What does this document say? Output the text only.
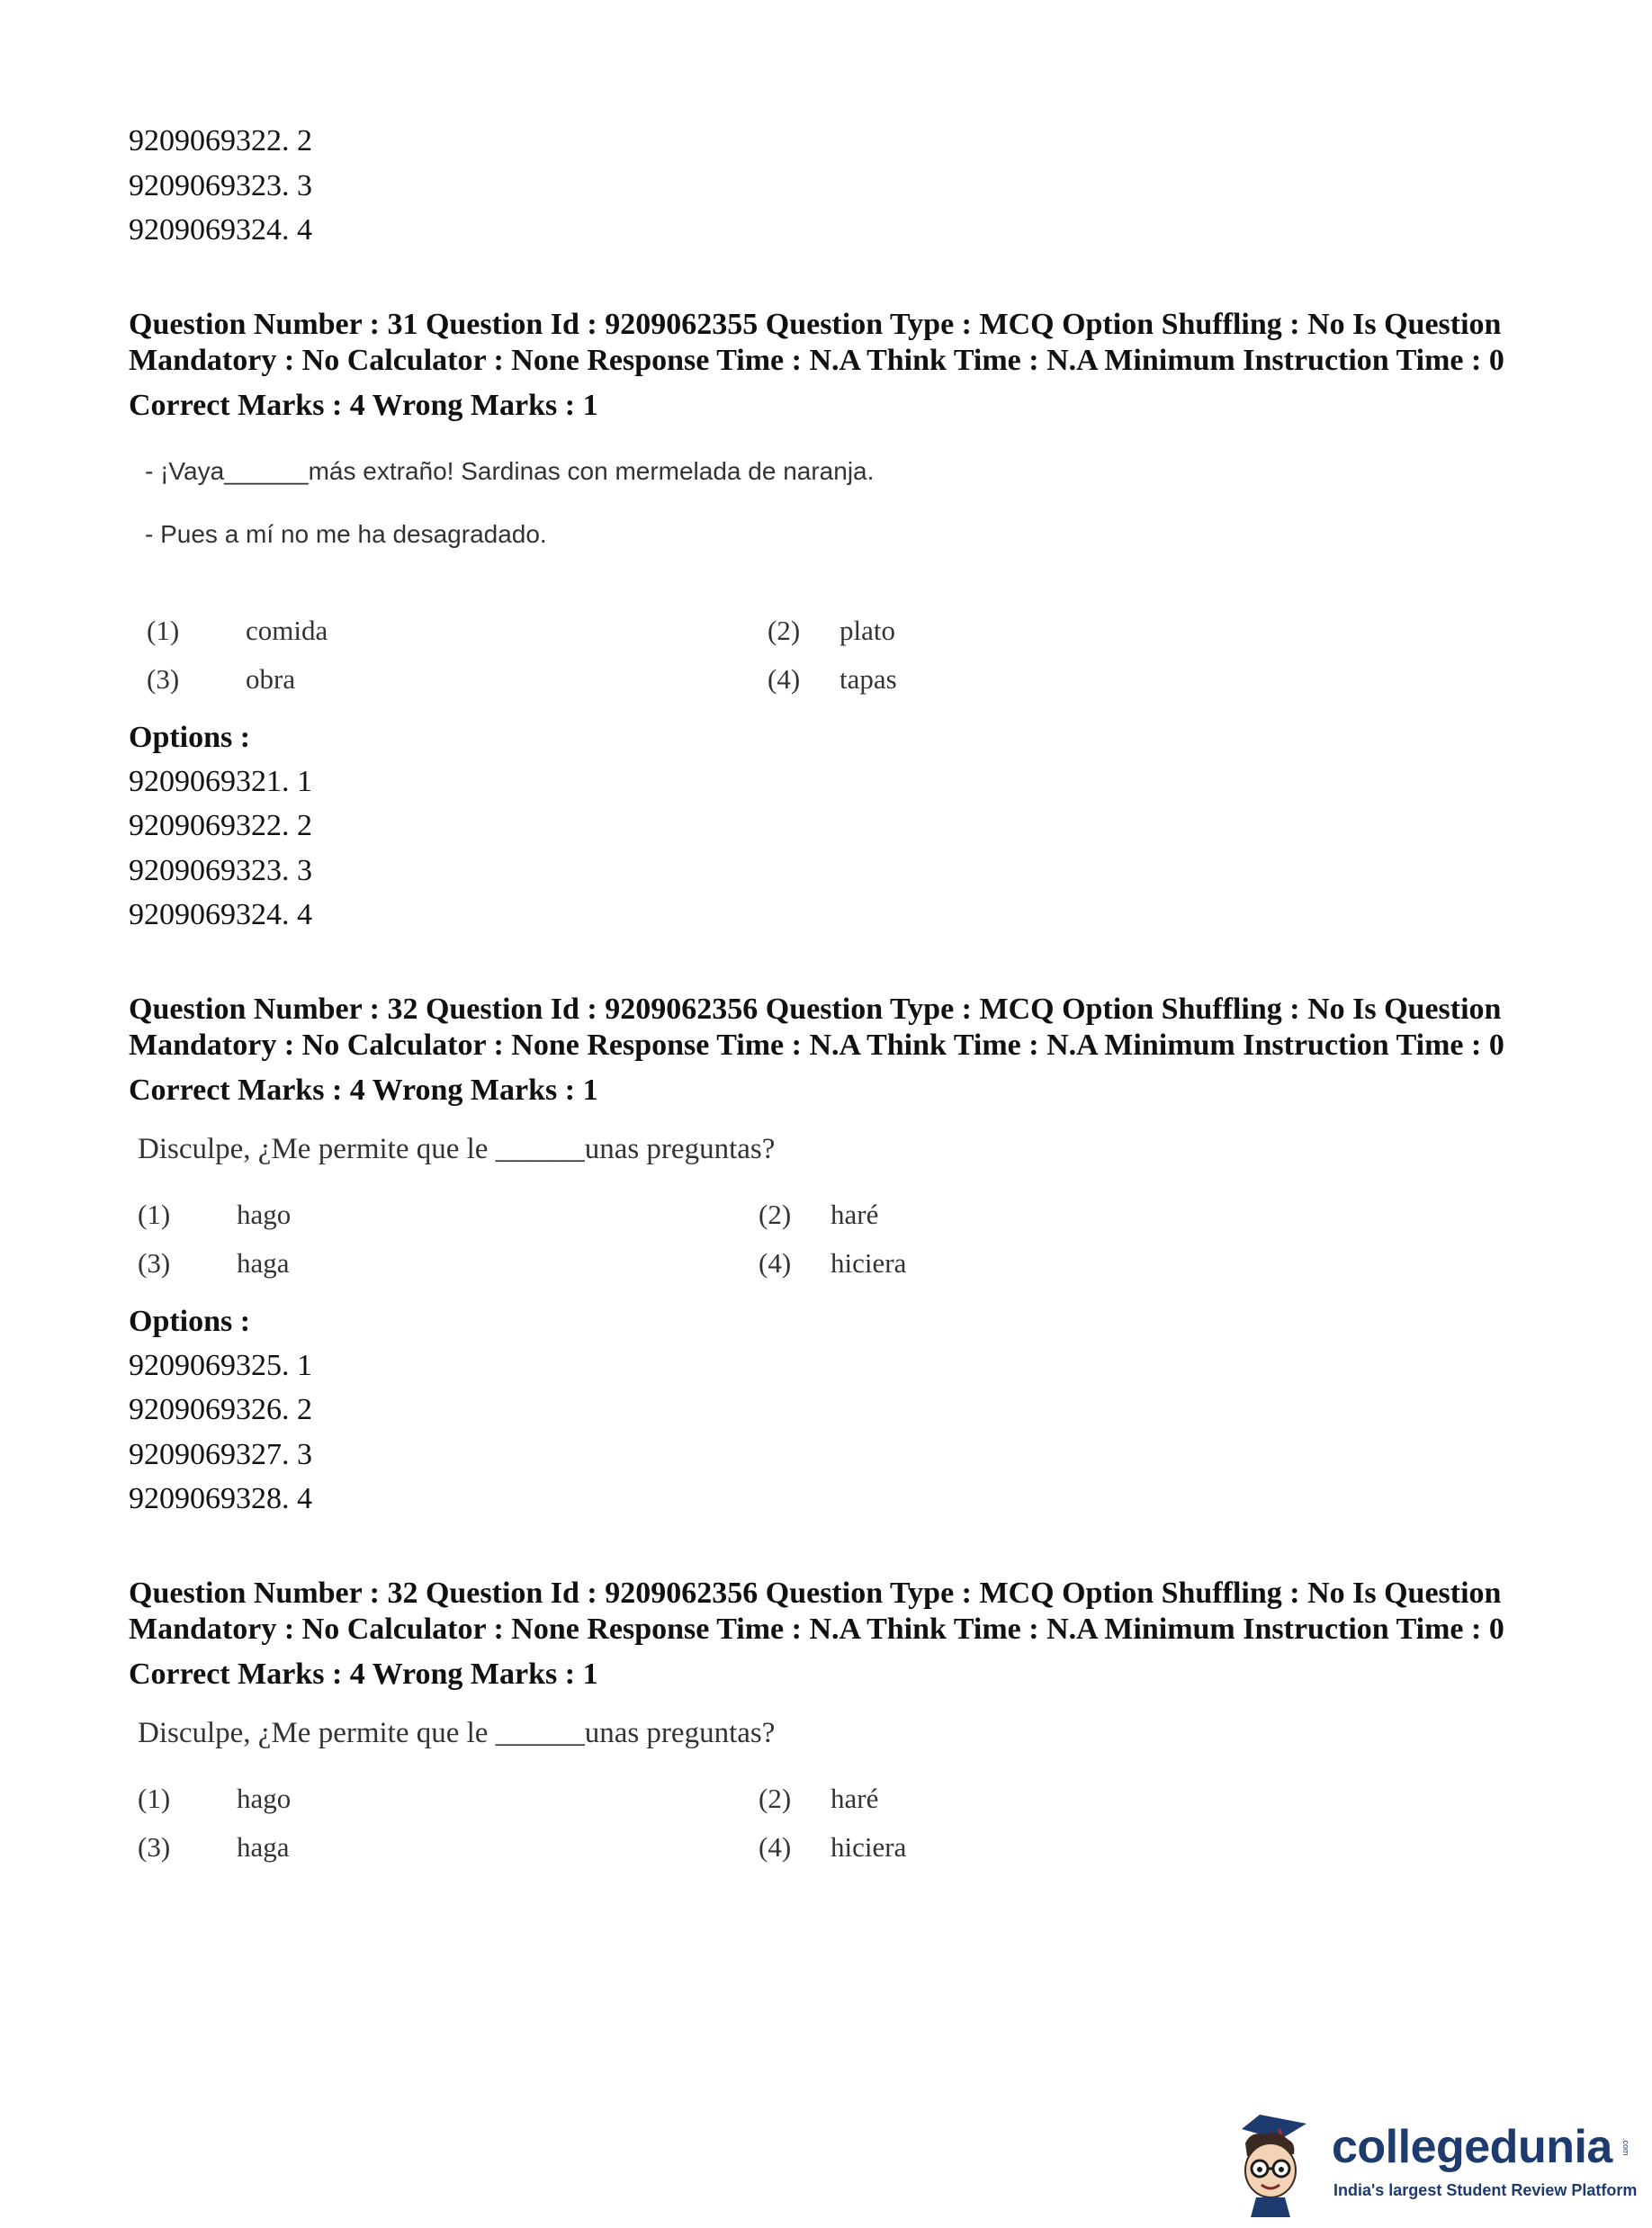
9209069322. 2
9209069323. 3
9209069324. 4
Question Number : 31 Question Id : 9209062355 Question Type : MCQ Option Shuffling : No Is Question Mandatory : No Calculator : None Response Time : N.A Think Time : N.A Minimum Instruction Time : 0
Correct Marks : 4 Wrong Marks : 1
- ¡Vaya______más extraño! Sardinas con mermelada de naranja.
- Pues a mí no me ha desagradado.
(1)	comida	(2)	plato
(3)	obra	(4)	tapas
Options :
9209069321. 1
9209069322. 2
9209069323. 3
9209069324. 4
Question Number : 32 Question Id : 9209062356 Question Type : MCQ Option Shuffling : No Is Question Mandatory : No Calculator : None Response Time : N.A Think Time : N.A Minimum Instruction Time : 0
Correct Marks : 4 Wrong Marks : 1
Disculpe, ¿Me permite que le ______unas preguntas?
(1)	hago	(2)	haré
(3)	haga	(4)	hiciera
Options :
9209069325. 1
9209069326. 2
9209069327. 3
9209069328. 4
Question Number : 32 Question Id : 9209062356 Question Type : MCQ Option Shuffling : No Is Question Mandatory : No Calculator : None Response Time : N.A Think Time : N.A Minimum Instruction Time : 0
Correct Marks : 4 Wrong Marks : 1
Disculpe, ¿Me permite que le ______unas preguntas?
(1)	hago	(2)	haré
(3)	haga	(4)	hiciera
collegedunia .com
India's largest Student Review Platform
